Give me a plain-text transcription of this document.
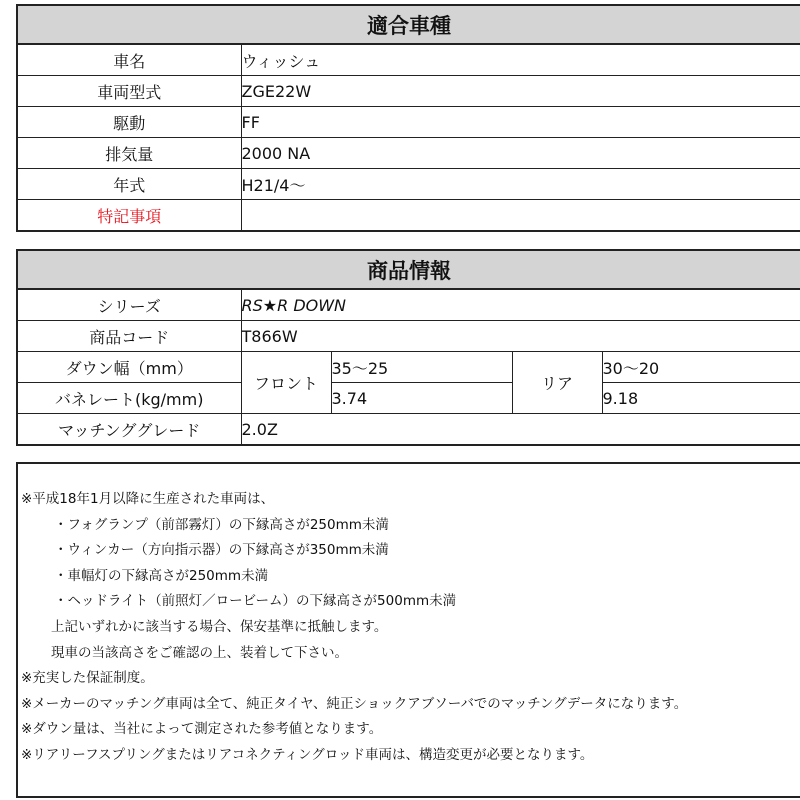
適合車種	
車名	ウィッシュ
車両型式	ZGE22W
駆動	FF
排気量	2000 NA
年式	H21/4～
特記事項	
商品情報				
シリーズ	RS★R DOWN			
商品コード	T866W			
ダウン幅（mm）	フロント	35～25	リア	30～20
バネレート(kg/mm)		3.74		9.18
マッチンググレード	2.0Z			
※平成18年1月以降に生産された車両は、
・フォグランプ（前部霧灯）の下縁高さが250mm未満
・ウィンカー（方向指示器）の下縁高さが350mm未満
・車幅灯の下縁高さが250mm未満
・ヘッドライト（前照灯／ロービーム）の下縁高さが500mm未満
上記いずれかに該当する場合、保安基準に抵触します。
現車の当該高さをご確認の上、装着して下さい。
※充実した保証制度。
※メーカーのマッチング車両は全て、純正タイヤ、純正ショックアブソーバでのマッチングデータになります。
※ダウン量は、当社によって測定された参考値となります。
※リアリーフスプリングまたはリアコネクティングロッド車両は、構造変更が必要となります。
